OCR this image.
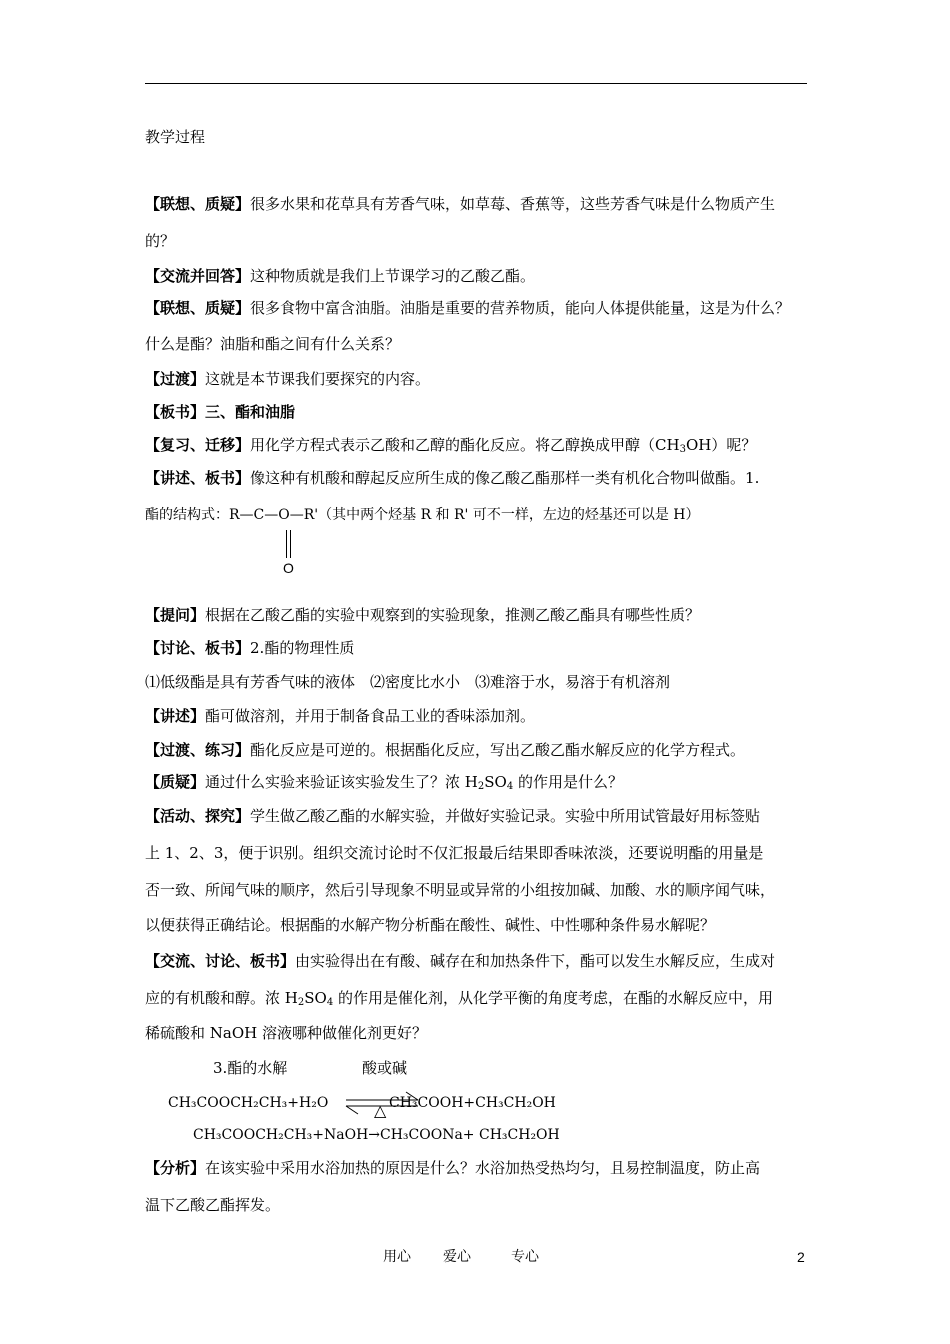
教学过程
【联想、质疑】很多水果和花草具有芳香气味，如草莓、香蕉等，这些芳香气味是什么物质产生
的？
【交流并回答】这种物质就是我们上节课学习的乙酸乙酯。
【联想、质疑】很多食物中富含油脂。油脂是重要的营养物质，能向人体提供能量，这是为什么？
什么是酯？油脂和酯之间有什么关系？
【过渡】这就是本节课我们要探究的内容。
【板书】三、酯和油脂
【复习、迁移】用化学方程式表示乙酸和乙醇的酯化反应。将乙醇换成甲醇$(CH_3OH)$呢？
【讲述、板书】像这种有机酸和醇起反应所生成的像乙酸乙酯那样一类有机化合物叫做酯。1.
酯的结构式：R—C—O—R'（其中两个烃基 R 和 R' 可不一样，左边的烃基还可以是 H）
O
【提问】根据在乙酸乙酯的实验中观察到的实验现象，推测乙酸乙酯具有哪些性质？
【讨论、板书】2.酯的物理性质
⑴低级酯是具有芳香气味的液体　⑵密度比水小　⑶难溶于水，易溶于有机溶剂
【讲述】酯可做溶剂，并用于制备食品工业的香味添加剂。
【过渡、练习】酯化反应是可逆的。根据酯化反应，写出乙酸乙酯水解反应的化学方程式。
【质疑】通过什么实验来验证该实验发生了？浓 $H_2SO_4$ 的作用是什么？
【活动、探究】学生做乙酸乙酯的水解实验，并做好实验记录。实验中所用试管最好用标签贴
上 1、2、3，便于识别。组织交流讨论时不仅汇报最后结果即香味浓淡，还要说明酯的用量是
否一致、所闻气味的顺序，然后引导现象不明显或异常的小组按加碱、加酸、水的顺序闻气味，
以便获得正确结论。根据酯的水解产物分析酯在酸性、碱性、中性哪种条件易水解呢？
【交流、讨论、板书】由实验得出在有酸、碱存在和加热条件下，酯可以发生水解反应，生成对
应的有机酸和醇。浓 $H_2SO_4$ 的作用是催化剂，从化学平衡的角度考虑，在酯的水解反应中，用
稀硫酸和 NaOH 溶液哪种做催化剂更好？
3.酯的水解	酸或碱
CH₃COOCH₂CH₃+H₂O	△ CH₃COOH+CH₃CH₂OH
CH₃COOCH₂CH₃+NaOH→CH₃COONa+ CH₃CH₂OH
【分析】在该实验中采用水浴加热的原因是什么？水浴加热受热均匀，且易控制温度，防止高
温下乙酸乙酯挥发。
用心 爱心	专心	2
